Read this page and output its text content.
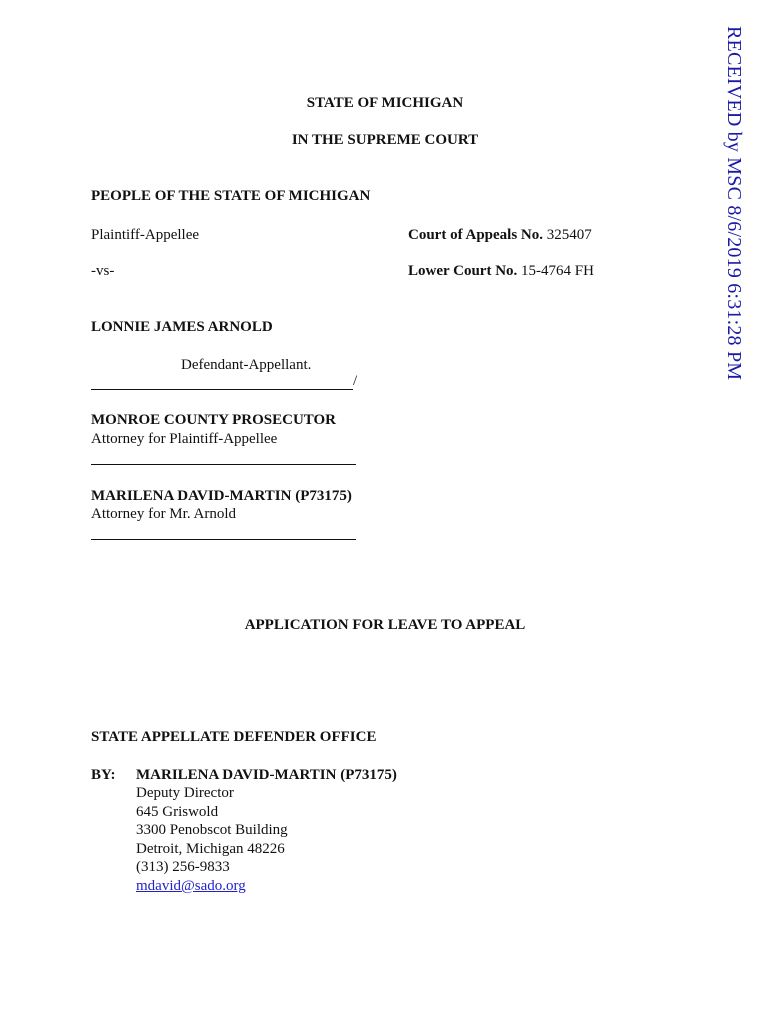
RECEIVED by MSC 8/6/2019 6:31:28 PM
STATE OF MICHIGAN
IN THE SUPREME COURT
PEOPLE OF THE STATE OF MICHIGAN
Plaintiff-Appellee	Court of Appeals No. 325407
-vs-	Lower Court No. 15-4764 FH
LONNIE JAMES ARNOLD
Defendant-Appellant.
/
MONROE COUNTY PROSECUTOR
Attorney for Plaintiff-Appellee
MARILENA DAVID-MARTIN (P73175)
Attorney for Mr. Arnold
APPLICATION FOR LEAVE TO APPEAL
STATE APPELLATE DEFENDER OFFICE
BY: MARILENA DAVID-MARTIN (P73175)
Deputy Director
645 Griswold
3300 Penobscot Building
Detroit, Michigan 48226
(313) 256-9833
mdavid@sado.org
